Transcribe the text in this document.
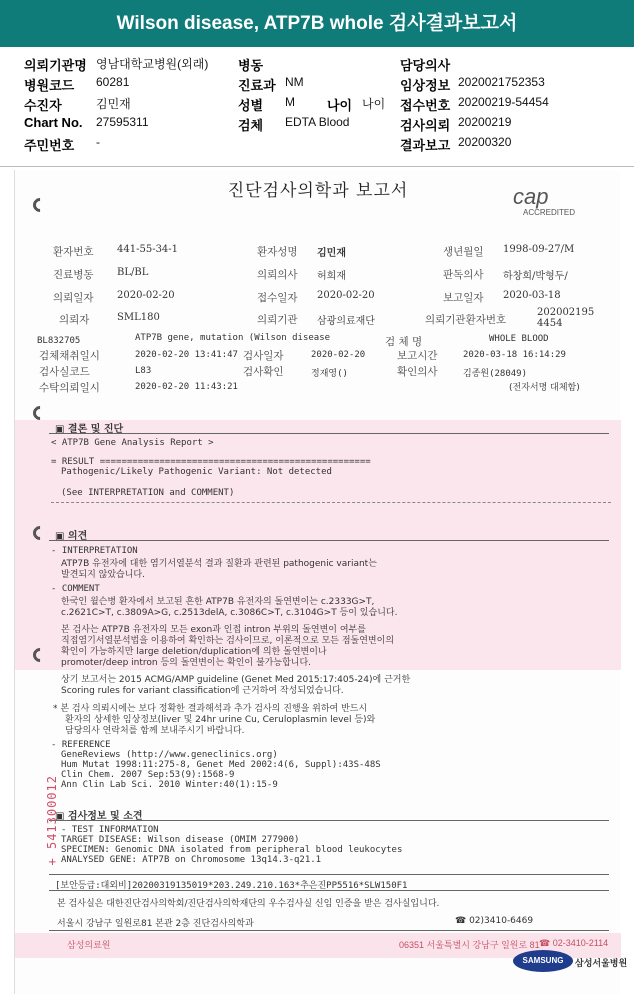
Wilson disease, ATP7B whole 검사결과보고서
의뢰기관명 영남대학교병원(외래) 병동	담당의사
병원코드 60281	진료과 NM	임상정보 2020021752353
수진자	김민재	성별 M 나이 나이 접수번호 20200219-54454
Chart No. 27595311	검체 EDTA Blood	검사의뢰 20200219
주민번호 -	결과보고 20200320
진단검사의학과 보고서	cap
ACCREDITED
환자번호 441-55-34-1	환자성명 김민재	생년월일 1998-09-27/M
진료병동 BL/BL	의뢰의사 허희재	판독의사 하창희/박형두/
의뢰일자 2020-02-20	접수일자 2020-02-20	보고일자 2020-03-18
의뢰자	SML180	의뢰기관 삼광의료재단	의뢰기관환자번호
2020021954454
BL832705	ATP7B gene, mutation (Wilson disease	검 체 명	WHOLE BLOOD
검체채취일시	2020-02-20 13:41:47 검사일자	2020-02-20	보고시간	2020-03-18 16:14:29
검사실코드	L83	검사확인	정재영()	확인의사	김종원(28049)
수탁의뢰일시	2020-02-20 11:43:21	(전자서명 대체함)
▣ 결론 및 진단
< ATP7B Gene Analysis Report >
= RESULT ==================================================
Pathogenic/Likely Pathogenic Variant: Not detected
(See INTERPRETATION and COMMENT)
▣ 의견
- INTERPRETATION
ATP7B 유전자에 대한 염기서열분석 결과 질환과 관련된 pathogenic variant는
발견되지 않았습니다.
- COMMENT
한국인 윌슨병 환자에서 보고된 흔한 ATP7B 유전자의 돌연변이는 c.2333G>T,
c.2621C>T, c.3809A>G, c.2513delA, c.3086C>T, c.3104G>T 등이 있습니다.
본 검사는 ATP7B 유전자의 모든 exon과 인접 intron 부위의 돌연변이 여부를
직접염기서열분석법을 이용하여 확인하는 검사이므로, 이론적으로 모든 점돌연변이의
확인이 가능하지만 large deletion/duplication에 의한 돌연변이나
promoter/deep intron 등의 돌연변이는 확인이 불가능합니다.
상기 보고서는 2015 ACMG/AMP guideline (Genet Med 2015:17:405-24)에 근거한
Scoring rules for variant classification에 근거하여 작성되었습니다.
* 본 검사 의뢰시에는 보다 정확한 결과해석과 추가 검사의 진행을 위하여 반드시
환자의 상세한 임상정보(liver 및 24hr urine Cu, Ceruloplasmin level 등)와
담당의사 연락처를 함께 보내주시기 바랍니다.
- REFERENCE
GeneReviews (http://www.geneclinics.org)
Hum Mutat 1998:11:275-8, Genet Med 2002:4(6, Suppl):43S-48S
Clin Chem. 2007 Sep:53(9):1568-9
Ann Clin Lab Sci. 2010 Winter:40(1):15-9
▣ 검사정보 및 소견
- TEST INFORMATION
TARGET DISEASE: Wilson disease (OMIM 277900)
SPECIMEN: Genomic DNA isolated from peripheral blood leukocytes
ANALYSED GENE: ATP7B on Chromosome 13q14.3-q21.1
[보안등급:대외비]20200319135019*203.249.210.163*추은진PP5516*SLW150F1
본 검사실은 대한진단검사의학회/진단검사의학재단의 우수검사실 신임 인증을 받은 검사실입니다.
서울시 강남구 일원로81 본관 2층 진단검사의학과	☎ 02)3410-6469
+ 541300012
삼성의료원	06351 서울특별시 강남구 일원로 81 ☎ 02-3410-2114
SAMSUNG	삼성서울병원
